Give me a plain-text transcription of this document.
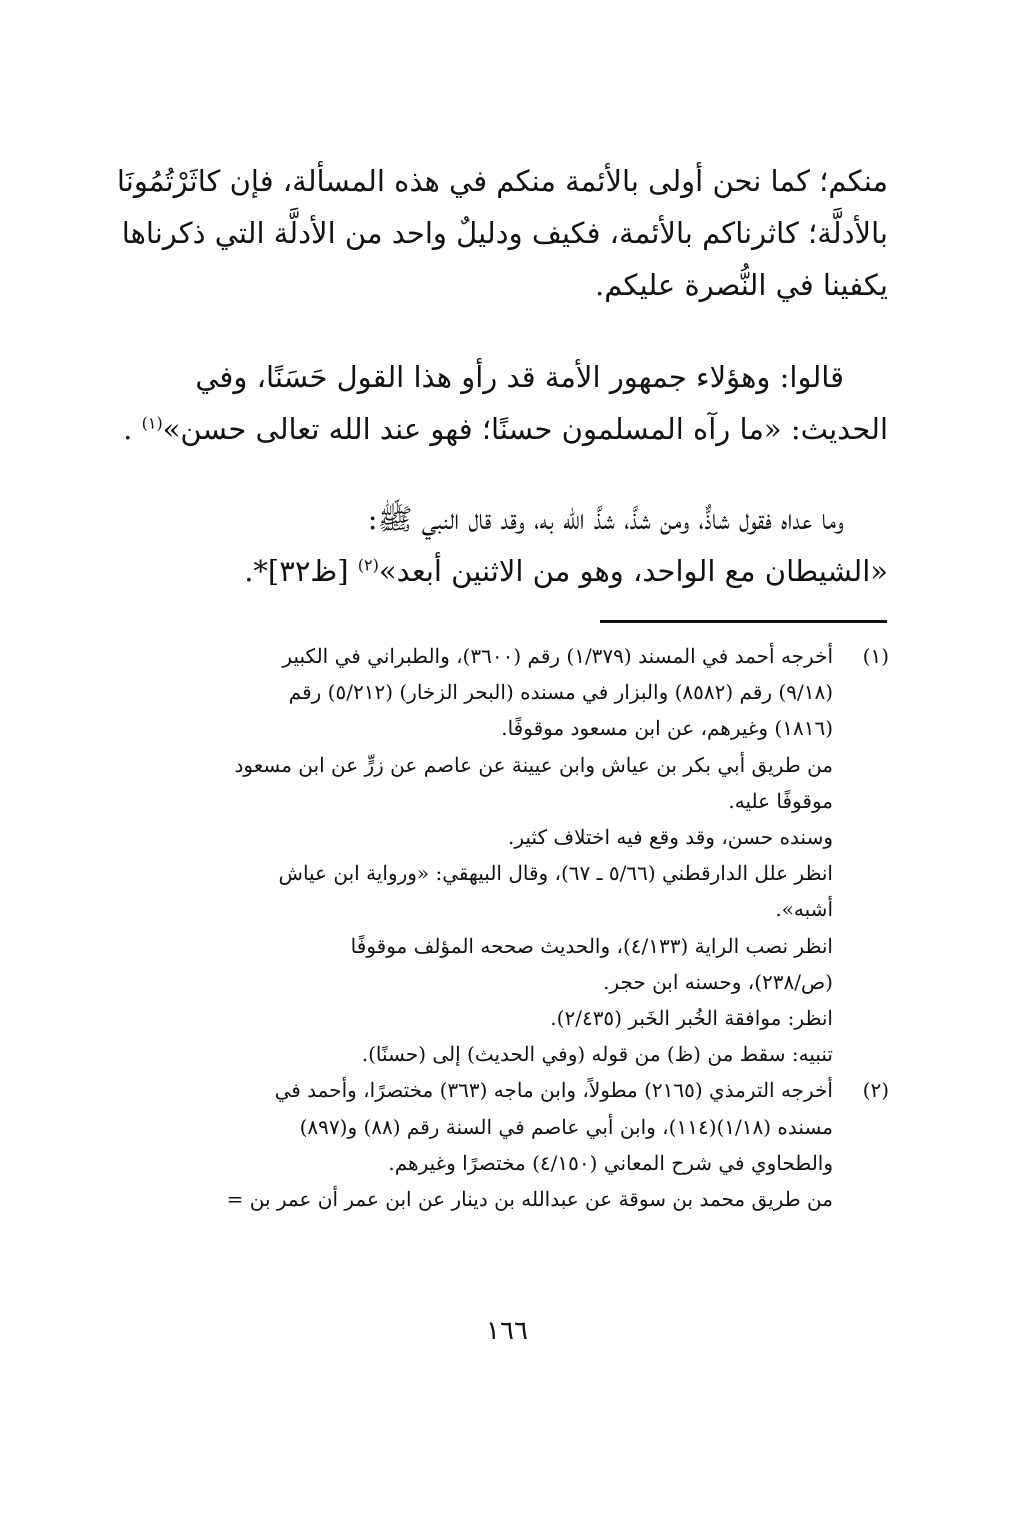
منكم؛ كما نحن أولى بالأئمة منكم في هذه المسألة، فإن كاثَرْتُمُونَا
بالأدلَّة؛ كاثرناكم بالأئمة، فكيف ودليلٌ واحد من الأدلَّة التي ذكرناها
يكفينا في النُّصرة عليكم.
قالوا: وهؤلاء جمهور الأمة قد رأو هذا القول حَسَنًا، وفي
الحديث: «ما رآه المسلمون حسنًا؛ فهو عند الله تعالى حسن»$^{(١)}$ .
وما عداه فقول شاذٌّ، ومن شذَّ، شذَّ الله به، وقد قال النبي ﷺ:
«الشيطان مع الواحد، وهو من الاثنين أبعد»$^{(٢)}$ [ظ٣٢]*.
(١)
أخرجه أحمد في المسند (١/٣٧٩) رقم (٣٦٠٠)، والطبراني في الكبير
(٩/١٨) رقم (٨٥٨٢) والبزار في مسنده (البحر الزخار) (٥/٢١٢) رقم
(١٨١٦) وغيرهم، عن ابن مسعود موقوفًا.
من طريق أبي بكر بن عياش وابن عيينة عن عاصم عن زرٍّ عن ابن مسعود
موقوفًا عليه.
وسنده حسن، وقد وقع فيه اختلاف كثير.
انظر علل الدارقطني (٥/٦٦ ـ ٦٧)، وقال البيهقي: «ورواية ابن عياش
أشبه».
انظر نصب الراية (٤/١٣٣)، والحديث صححه المؤلف موقوفًا
(ص/٢٣٨)، وحسنه ابن حجر.
انظر: موافقة الخُبر الخَبر (٢/٤٣٥).
تنبيه: سقط من (ظ) من قوله (وفي الحديث) إلى (حسنًا).
(٢)
أخرجه الترمذي (٢١٦٥) مطولاً، وابن ماجه (٣٦٣) مختصرًا، وأحمد في
مسنده (١/١٨)(١١٤)، وابن أبي عاصم في السنة رقم (٨٨) و(٨٩٧)
والطحاوي في شرح المعاني (٤/١٥٠) مختصرًا وغيرهم.
من طريق محمد بن سوقة عن عبدالله بن دينار عن ابن عمر أن عمر بن =
١٦٦
